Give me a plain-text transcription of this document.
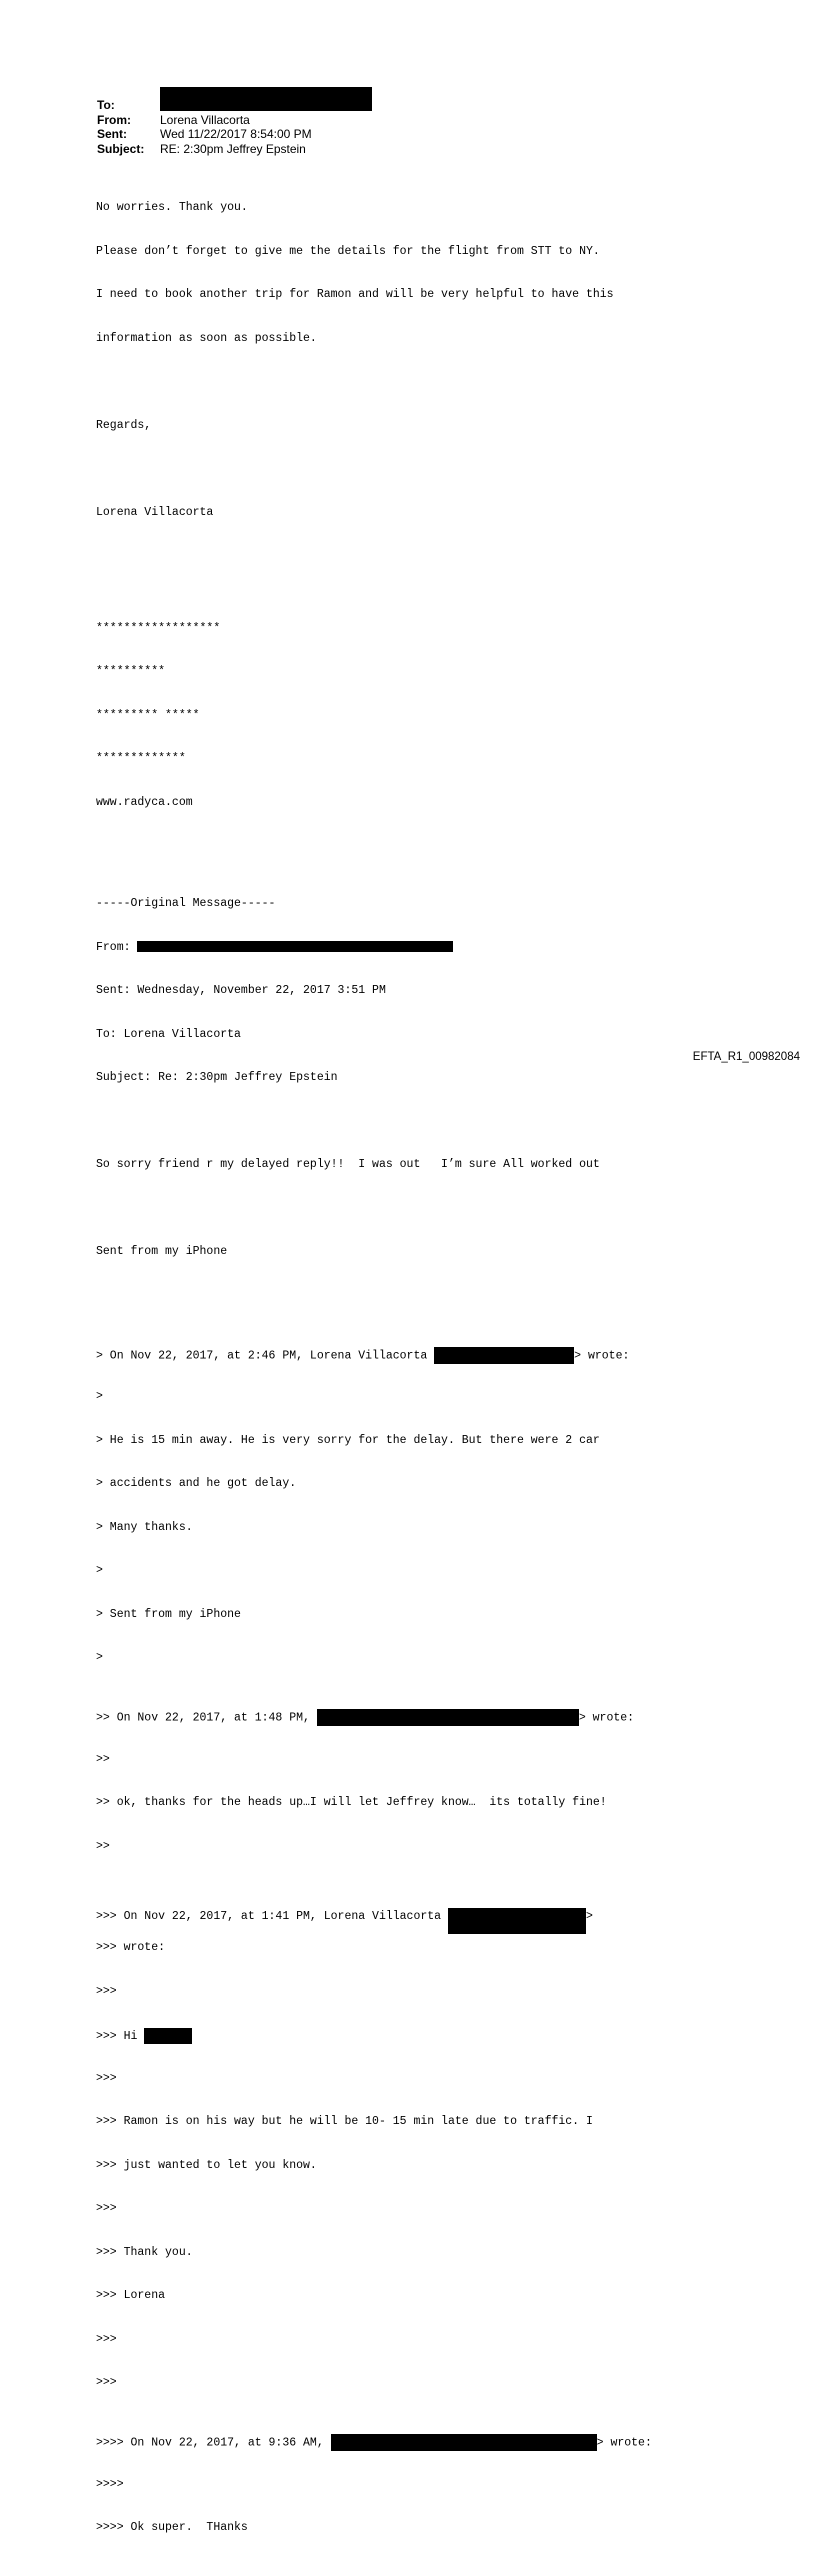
To:
From: Lorena Villacorta
Sent:	Wed 11/22/2017 8:54:00 PM
Subject: RE: 2:30pm Jeffrey Epstein

No worries. Thank you.

Please don’t forget to give me the details for the flight from STT to NY.

I need to book another trip for Ramon and will be very helpful to have this

information as soon as possible.

Regards,

Lorena Villacorta

******************

**********

********* *****

*************

www.radyca.com

-----Original Message-----

From:

Sent: Wednesday, November 22, 2017 3:51 PM

To: Lorena Villacorta

Subject: Re: 2:30pm Jeffrey Epstein

So sorry friend r my delayed reply!!  I was out   I’m sure All worked out

Sent from my iPhone

> On Nov 22, 2017, at 2:46 PM, Lorena Villacorta	> wrote:

>

> He is 15 min away. He is very sorry for the delay. But there were 2 car

> accidents and he got delay.

> Many thanks.

>

> Sent from my iPhone

>

>> On Nov 22, 2017, at 1:48 PM,	> wrote:

>>

>> ok, thanks for the heads up…I will let Jeffrey know…  its totally fine!

>>

>>> On Nov 22, 2017, at 1:41 PM, Lorena Villacorta	>

>>> wrote:

>>>

>>> Hi

>>>

>>> Ramon is on his way but he will be 10- 15 min late due to traffic. I

>>> just wanted to let you know.

>>>

>>> Thank you.

>>> Lorena

>>>

>>>

>>>> On Nov 22, 2017, at 9:36 AM,	> wrote:

>>>>

>>>> Ok super.  THanks

EFTA_R1_00982084
